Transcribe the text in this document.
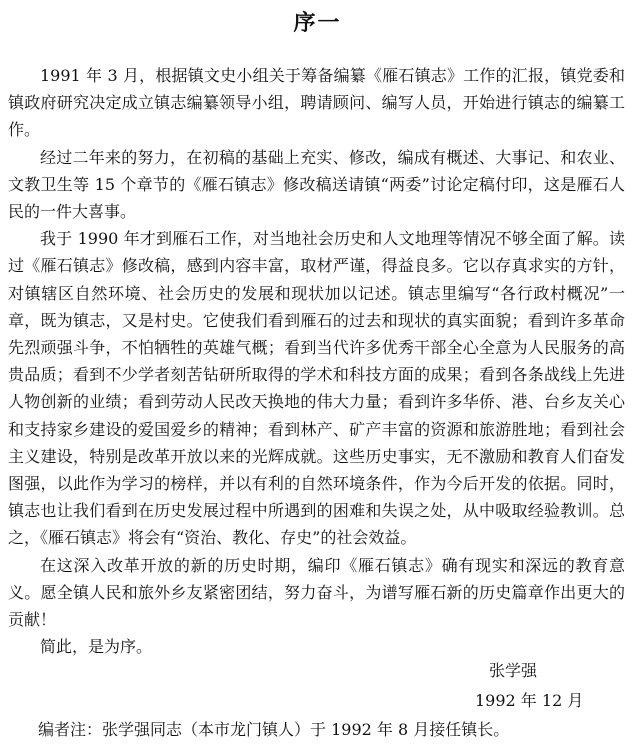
序一

1991 年 3 月，根据镇文史小组关于筹备编纂《雁石镇志》工作的汇报，镇党委和镇政府研究决定成立镇志编纂领导小组，聘请顾问、编写人员，开始进行镇志的编纂工作。

经过二年来的努力，在初稿的基础上充实、修改，编成有概述、大事记、和农业、文教卫生等 15 个章节的《雁石镇志》修改稿送请镇“两委”讨论定稿付印，这是雁石人民的一件大喜事。

我于 1990 年才到雁石工作，对当地社会历史和人文地理等情况不够全面了解。读过《雁石镇志》修改稿，感到内容丰富，取材严谨，得益良多。它以存真求实的方针，对镇辖区自然环境、社会历史的发展和现状加以记述。镇志里编写“各行政村概况”一章，既为镇志，又是村史。它使我们看到雁石的过去和现状的真实面貌；看到许多革命先烈顽强斗争，不怕牺牲的英雄气概；看到当代许多优秀干部全心全意为人民服务的高贵品质；看到不少学者刻苦钻研所取得的学术和科技方面的成果；看到各条战线上先进人物创新的业绩；看到劳动人民改天换地的伟大力量；看到许多华侨、港、台乡友关心和支持家乡建设的爱国爱乡的精神；看到林产、矿产丰富的资源和旅游胜地；看到社会主义建设，特别是改革开放以来的光辉成就。这些历史事实，无不激励和教育人们奋发图强，以此作为学习的榜样，并以有利的自然环境条件，作为今后开发的依据。同时，镇志也让我们看到在历史发展过程中所遇到的困难和失误之处，从中吸取经验教训。总之，《雁石镇志》将会有“资治、教化、存史”的社会效益。

在这深入改革开放的新的历史时期，编印《雁石镇志》确有现实和深远的教育意义。愿全镇人民和旅外乡友紧密团结，努力奋斗，为谱写雁石新的历史篇章作出更大的贡献！

简此，是为序。

张学强
1992 年 12 月
编者注：张学强同志（本市龙门镇人）于 1992 年 8 月接任镇长。
